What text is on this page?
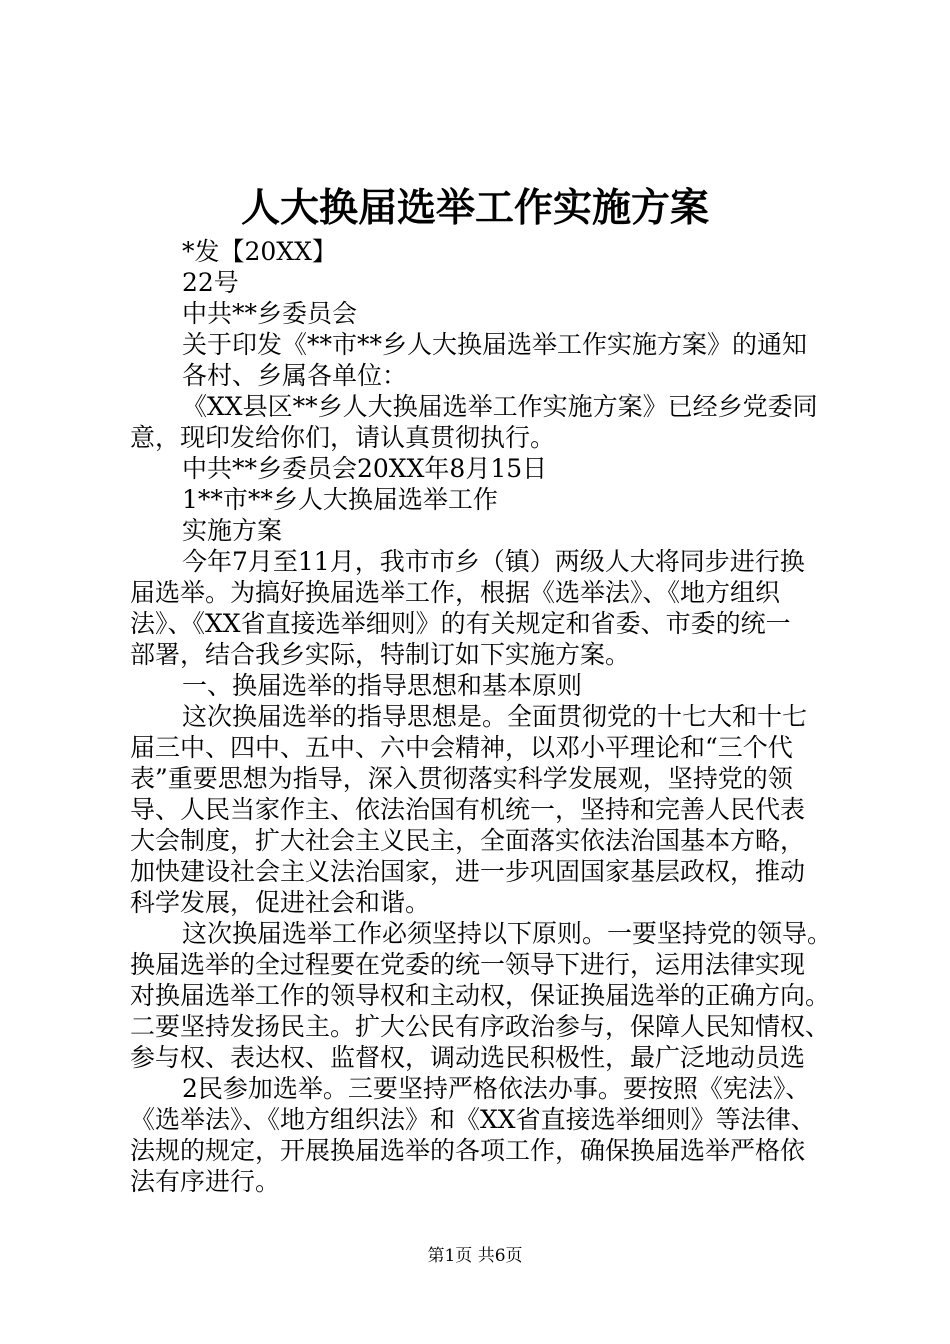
人大换届选举工作实施方案
*发【20XX】
22号
中共**乡委员会
关于印发《**市**乡人大换届选举工作实施方案》的通知
各村、乡属各单位：
《XX县区**乡人大换届选举工作实施方案》已经乡党委同
意，现印发给你们，请认真贯彻执行。
中共**乡委员会20XX年8月15日
1**市**乡人大换届选举工作
实施方案
今年7月至11月，我市市乡（镇）两级人大将同步进行换
届选举。为搞好换届选举工作，根据《选举法》、《地方组织
法》、《XX省直接选举细则》的有关规定和省委、市委的统一
部署，结合我乡实际，特制订如下实施方案。
一、换届选举的指导思想和基本原则
这次换届选举的指导思想是。全面贯彻党的十七大和十七
届三中、四中、五中、六中会精神，以邓小平理论和“三个代
表”重要思想为指导，深入贯彻落实科学发展观，坚持党的领
导、人民当家作主、依法治国有机统一，坚持和完善人民代表
大会制度，扩大社会主义民主，全面落实依法治国基本方略，
加快建设社会主义法治国家，进一步巩固国家基层政权，推动
科学发展，促进社会和谐。
这次换届选举工作必须坚持以下原则。一要坚持党的领导。
换届选举的全过程要在党委的统一领导下进行，运用法律实现
对换届选举工作的领导权和主动权，保证换届选举的正确方向。
二要坚持发扬民主。扩大公民有序政治参与，保障人民知情权、
参与权、表达权、监督权，调动选民积极性，最广泛地动员选
2民参加选举。三要坚持严格依法办事。要按照《宪法》、
《选举法》、《地方组织法》和《XX省直接选举细则》等法律、
法规的规定，开展换届选举的各项工作，确保换届选举严格依
法有序进行。
第1页 共6页
